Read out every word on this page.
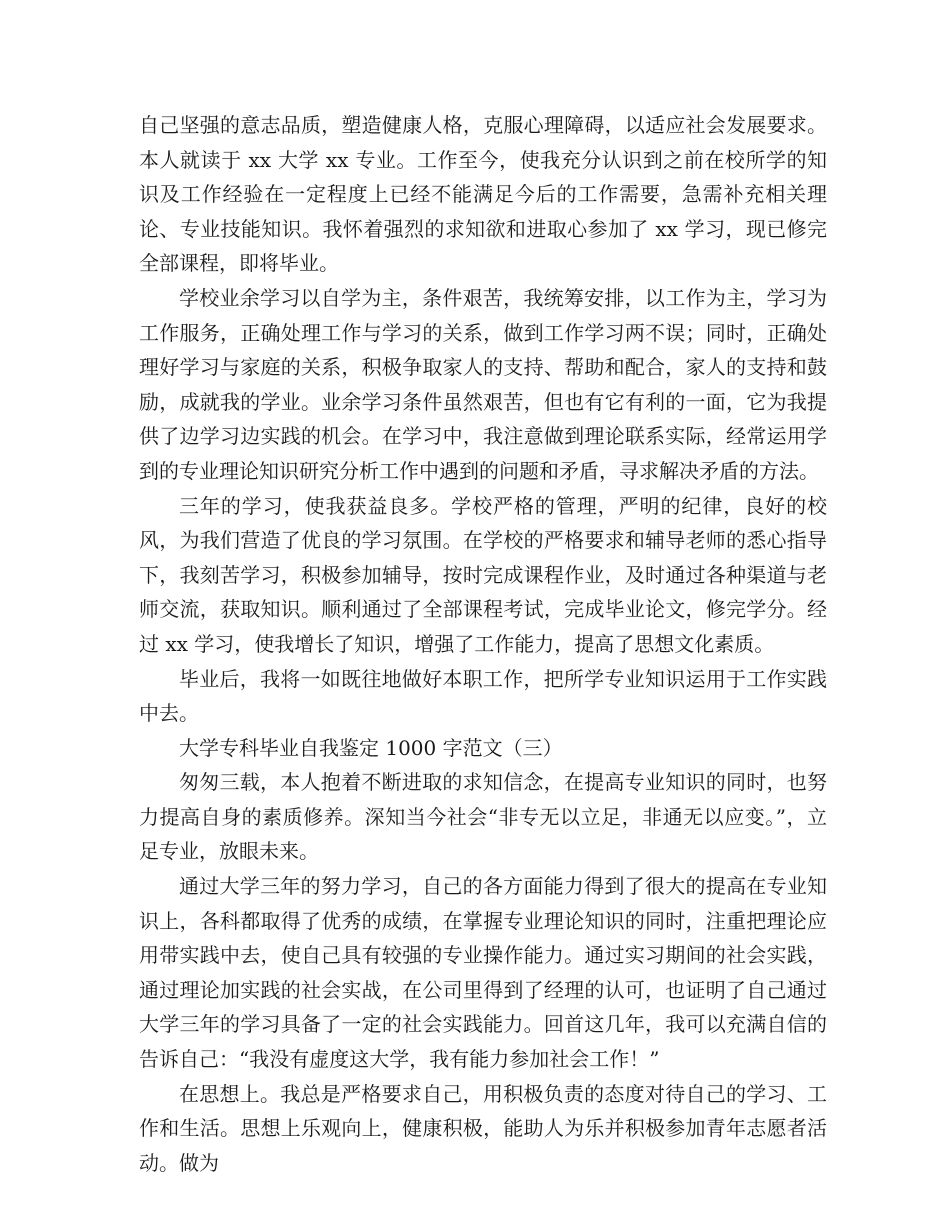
自己坚强的意志品质，塑造健康人格，克服心理障碍，以适应社会发展要求。本人就读于 xx 大学 xx 专业。工作至今，使我充分认识到之前在校所学的知识及工作经验在一定程度上已经不能满足今后的工作需要，急需补充相关理论、专业技能知识。我怀着强烈的求知欲和进取心参加了 xx 学习，现已修完全部课程，即将毕业。

学校业余学习以自学为主，条件艰苦，我统筹安排，以工作为主，学习为工作服务，正确处理工作与学习的关系，做到工作学习两不误；同时，正确处理好学习与家庭的关系，积极争取家人的支持、帮助和配合，家人的支持和鼓励，成就我的学业。业余学习条件虽然艰苦，但也有它有利的一面，它为我提供了边学习边实践的机会。在学习中，我注意做到理论联系实际，经常运用学到的专业理论知识研究分析工作中遇到的问题和矛盾，寻求解决矛盾的方法。

三年的学习，使我获益良多。学校严格的管理，严明的纪律，良好的校风，为我们营造了优良的学习氛围。在学校的严格要求和辅导老师的悉心指导下，我刻苦学习，积极参加辅导，按时完成课程作业，及时通过各种渠道与老师交流，获取知识。顺利通过了全部课程考试，完成毕业论文，修完学分。经过 xx 学习，使我增长了知识，增强了工作能力，提高了思想文化素质。

毕业后，我将一如既往地做好本职工作，把所学专业知识运用于工作实践中去。

大学专科毕业自我鉴定 1000 字范文（三）

匆匆三载，本人抱着不断进取的求知信念，在提高专业知识的同时，也努力提高自身的素质修养。深知当今社会“非专无以立足，非通无以应变。”，立足专业，放眼未来。

通过大学三年的努力学习，自己的各方面能力得到了很大的提高在专业知识上，各科都取得了优秀的成绩，在掌握专业理论知识的同时，注重把理论应用带实践中去，使自己具有较强的专业操作能力。通过实习期间的社会实践，通过理论加实践的社会实战，在公司里得到了经理的认可，也证明了自己通过大学三年的学习具备了一定的社会实践能力。回首这几年，我可以充满自信的告诉自己：“我没有虚度这大学，我有能力参加社会工作！”

在思想上。我总是严格要求自己，用积极负责的态度对待自己的学习、工作和生活。思想上乐观向上，健康积极，能助人为乐并积极参加青年志愿者活动。做为
